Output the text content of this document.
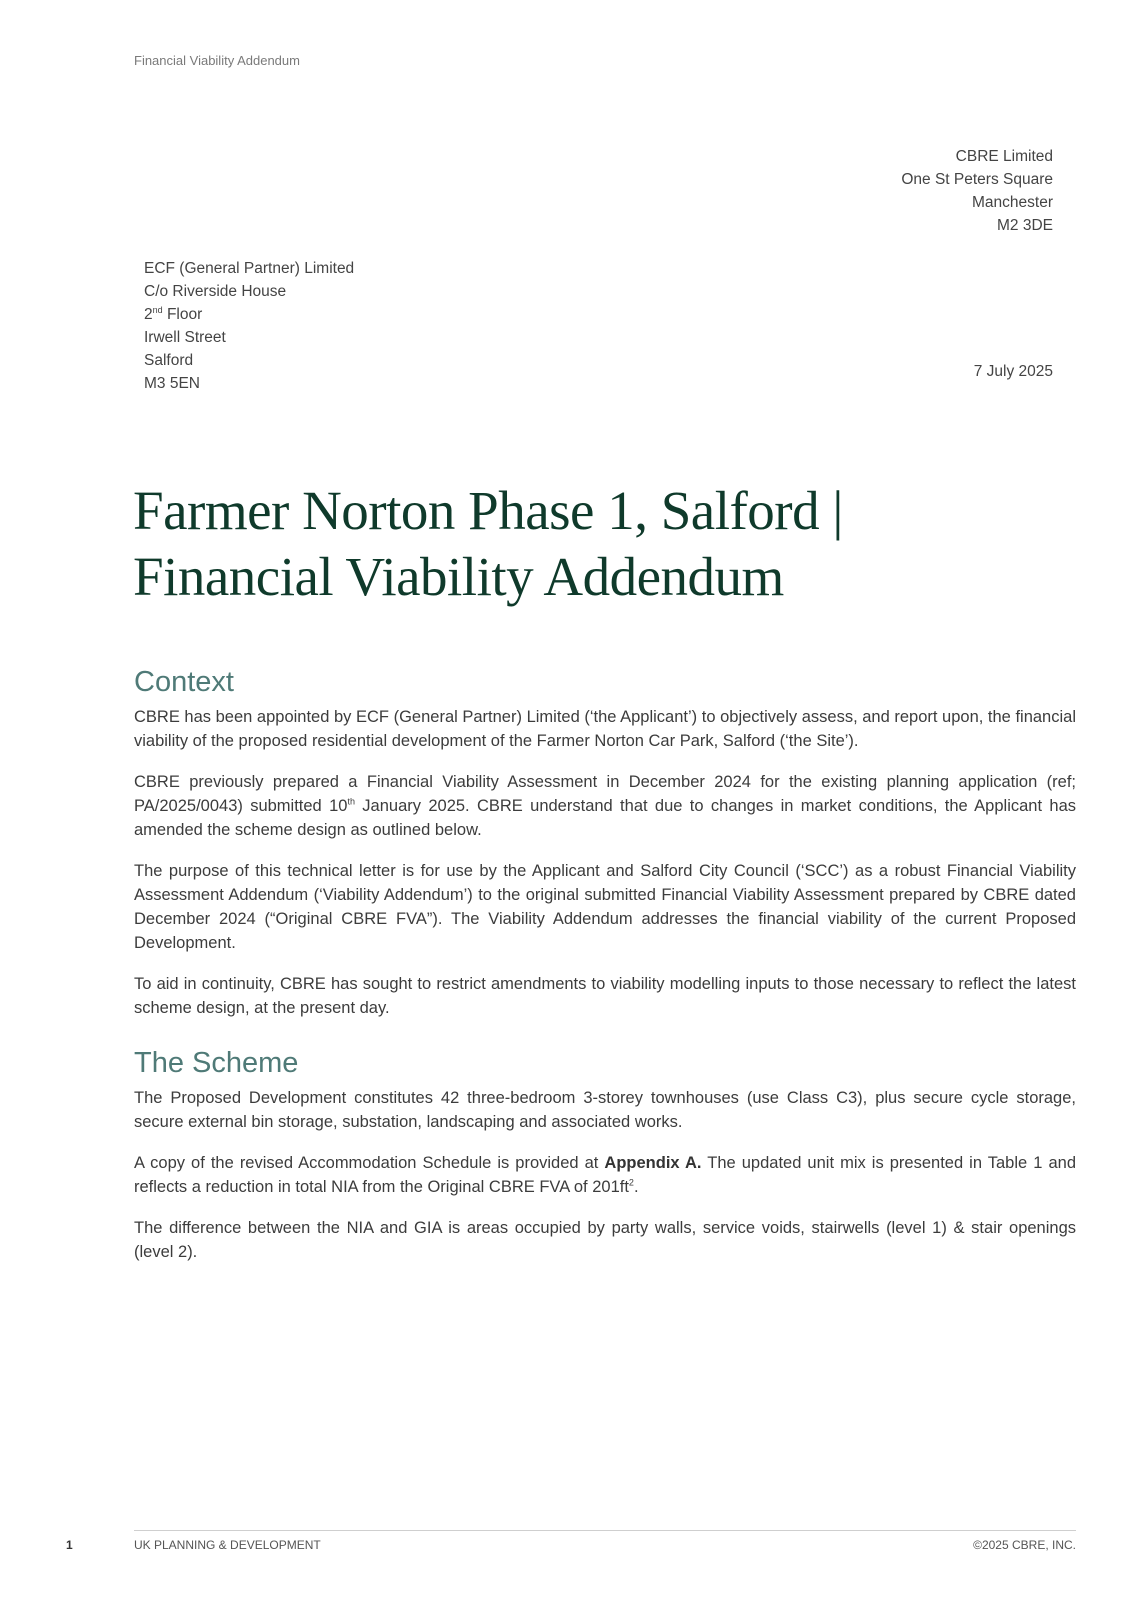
Financial Viability Addendum
CBRE Limited
One St Peters Square
Manchester
M2 3DE
ECF (General Partner) Limited
C/o Riverside House
2nd Floor
Irwell Street
Salford
M3 5EN
7 July 2025
Farmer Norton Phase 1, Salford |
Financial Viability Addendum
Context

CBRE has been appointed by ECF (General Partner) Limited (‘the Applicant’) to objectively assess, and report upon, the financial viability of the proposed residential development of the Farmer Norton Car Park, Salford (‘the Site’).

CBRE previously prepared a Financial Viability Assessment in December 2024 for the existing planning application (ref; PA/2025/0043) submitted 10th January 2025. CBRE understand that due to changes in market conditions, the Applicant has amended the scheme design as outlined below.

The purpose of this technical letter is for use by the Applicant and Salford City Council (‘SCC’) as a robust Financial Viability Assessment Addendum (‘Viability Addendum’) to the original submitted Financial Viability Assessment prepared by CBRE dated December 2024 (“Original CBRE FVA”). The Viability Addendum addresses the financial viability of the current Proposed Development.

To aid in continuity, CBRE has sought to restrict amendments to viability modelling inputs to those necessary to reflect the latest scheme design, at the present day.

The Scheme

The Proposed Development constitutes 42 three-bedroom 3-storey townhouses (use Class C3), plus secure cycle storage, secure external bin storage, substation, landscaping and associated works.

A copy of the revised Accommodation Schedule is provided at Appendix A. The updated unit mix is presented in Table 1 and reflects a reduction in total NIA from the Original CBRE FVA of $201ft^2$.

The difference between the NIA and GIA is areas occupied by party walls, service voids, stairwells (level 1) & stair openings (level 2).

1	UK PLANNING & DEVELOPMENT	©2025 CBRE, INC.
